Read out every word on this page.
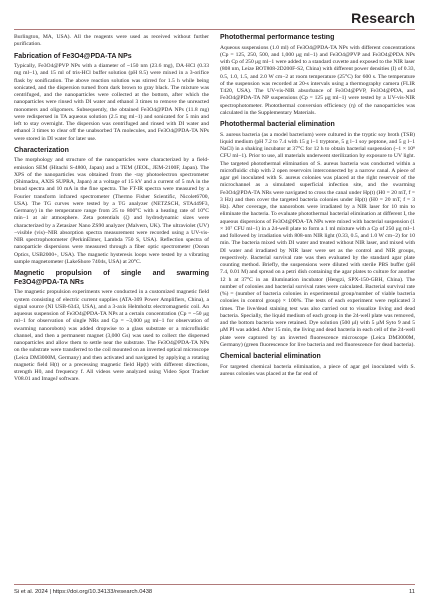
Research

Burlington, MA, USA). All the reagents were used as received without further purification.

Fabrication of Fe3O4@PDA-TA NPs

Typically, Fe3O4@PVP NPs with a diameter of ~150 nm (23.6 mg), DA·HCl (0.33 mg ml−1), and 15 ml of tris-HCl buffer solution (pH 8.5) were mixed in a 3-orifice flask by sonification. The above reaction solution was stirred for 1.5 h while being sonicated, and the dispersion turned from dark brown to gray black. The mixture was centrifuged, and the nanoparticles were collected at the bottom, after which the nanoparticles were rinsed with DI water and ethanol 3 times to remove the unreacted monomers and oligomers. Subsequently, the obtained Fe3O4@PDA NPs (11.8 mg) were redispersed in TA aqueous solution (2.5 mg ml−1) and sonicated for 5 min and left to stay overnight. The dispersion was centrifuged and rinsed with DI water and ethanol 3 times to clear off the unabsorbed TA molecules, and Fe3O4@PDA-TA NPs were stored in DI water for later use.

Characterization

The morphology and structure of the nanoparticles were characterized by a field-emission SEM (Hitachi S-4800, Japan) and a TEM (JEOL, JEM-2100F, Japan). The XPS of the nanoparticles was obtained from the -ray photoelectron spectrometer (Shimadzu, AXIS SUPRA, Japan) at a voltage of 15 kV and a current of 5 mA in the broad spectra and 10 mA in the fine spectra. The FT-IR spectra were measured by a Fourier transform infrared spectrometer (Thermo Fisher Scientific, Nicolet6700, USA). The TG curves were tested by a TG analyzer (NETZSCH, STA449F3, Germany) in the temperature range from 25 to 800°C with a heating rate of 10°C min−1 at air atmosphere. Zeta potentials (ζ) and hydrodynamic sizes were characterized by a Zetasizer Nano ZS90 analyzer (Malvern, UK). The ultraviolet (UV)−visible (vis)−NIR absorption spectra measurement were recorded using a UV-vis-NIR spectrophotometer (PerkinElmer, Lambda 750 S, USA). Reflection spectra of nanoparticle dispersions were measured through a fiber optic spectrometer (Ocean Optics, USB2000+, USA). The magnetic hysteresis loops were tested by a vibrating sample magnetometer (LakeShore 7404s, USA) at 20°C.

Magnetic propulsion of single and swarming Fe3O4@PDA-TA NRs

The magnetic propulsion experiments were conducted in a customized magnetic field system consisting of electric current supplies (ATA-309 Power Amplifiers, China), a signal source (NI USB-6343, USA), and a 3-axis Helmholtz electromagnetic coil. An aqueous suspension of Fe3O4@PDA-TA NPs at a certain concentration (Cp = ~50 μg ml−1 for observation of single NRs and Cp = ~3,000 μg ml−1 for observation of swarming nanorobots) was added dropwise to a glass substrate or a microfluidic channel, and then a permanent magnet (3,000 Gs) was used to collect the dispersed nanoparticles and allow them to settle near the substrate. The Fe3O4@PDA-TA NPs on the substrate were transferred to the coil mounted on an inverted optical microscope (Leica DM3000M, Germany) and then activated and navigated by applying a rotating magnetic field H(t) or a precessing magnetic field Hp(t) with different directions, strength H0, and frequency f. All videos were analyzed using Video Spot Tracker V08.01 and ImageJ software.

Photothermal performance testing

Aqueous suspensions (1.0 ml) of Fe3O4@PDA-TA NPs with different concentrations (Cp = 125, 250, 500, and 1,000 μg ml−1) and Fe3O4@PVP and Fe3O4@PDA NPs with Cp of 250 μg ml−1 were added to a standard cuvette and exposed to the NIR laser (808 nm, Leize BOT808-2D200F-S2, China) with different power densities (I) of 0.33, 0.5, 1.0, 1.5, and 2.0 W cm−2 at room temperature (25°C) for 600 s. The temperature of the suspension was recorded at 20-s intervals using a thermography camera (FLIR T420, USA). The UV-vis-NIR absorbance of Fe3O4@PVP, Fe3O4@PDA, and Fe3O4@PDA-TA NP suspensions (Cp = 125 μg ml−1) were tested by a UV-vis-NIR spectrophotometer. Photothermal conversion efficiency (η) of the nanoparticles was calculated in the Supplementary Materials.

Photothermal bacterial elimination

S. aureus bacteria (as a model bacterium) were cultured in the tryptic soy broth (TSB) liquid medium (pH 7.2 to 7.4 with 15 g l−1 tryptone, 5 g l−1 soy peptone, and 5 g l−1 NaCl) in a shaking incubator at 37°C for 12 h to obtain bacterial suspension (~1 × 10⁸ CFU ml−1). Prior to use, all materials underwent sterilization by exposure to UV light. The targeted photothermal elimination of S. aureus bacteria was conducted within a microfluidic chip with 2 open reservoirs interconnected by a narrow canal. A piece of agar gel inoculated with S. aureus colonies was placed at the right reservoir of the microchannel as a simulated superficial infection site, and the swarming Fe3O4@PDA-TA NRs were navigated to cross the canal under Hp(t) (H0 = 20 mT, f = 3 Hz) and then cover the targeted bacteria colonies under Hp(t) (H0 = 20 mT, f = 3 Hz). After coverage, the nanorobots were irradiated by a NIR laser for 10 min to eliminate the bacteria. To evaluate photothermal bacterial elimination at different I, the aqueous dispersions of Fe3O4@PDA-TA NPs were mixed with bacterial suspension (1 × 10⁷ CFU ml−1) in a 24-well plate to form a 1 ml mixture with a Cp of 250 μg ml−1 and followed by irradiation with 808-nm NIR light (0.33, 0.5, and 1.0 W cm−2) for 10 min. The bacteria mixed with DI water and treated without NIR laser, and mixed with DI water and irradiated by NIR laser were set as the control and NIR groups, respectively. Bacterial survival rate was then evaluated by the standard agar plate counting method. Briefly, the suspensions were diluted with sterile PBS buffer (pH 7.4, 0.01 M) and spread on a petri dish containing the agar plates to culture for another 12 h at 37°C in an illumination incubator (Hengzi, SPX-150-GBH, China). The number of colonies and bacterial survival rates were calculated. Bacterial survival rate (%) = (number of bacteria colonies in experimental group/number of viable bacteria colonies in control group) × 100%. The tests of each experiment were replicated 3 times. The live/dead staining test was also carried out to visualize living and dead bacteria. Specially, the liquid medium of each group in the 24-well plate was removed, and the bottom bacteria were retained. Dye solution (500 μl) with 5 μM Syto 9 and 5 μM PI was added. After 15 min, the living and dead bacteria in each cell of the 24-well plate were captured by an inverted fluorescence microscope (Leica DM3000M, Germany) (green fluorescence for live bacteria and red fluorescence for dead bacteria).

Chemical bacterial elimination

For targeted chemical bacteria elimination, a piece of agar gel inoculated with S. aureus colonies was placed at the far end of

Si et al. 2024 | https://doi.org/10.34133/research.0438	11
